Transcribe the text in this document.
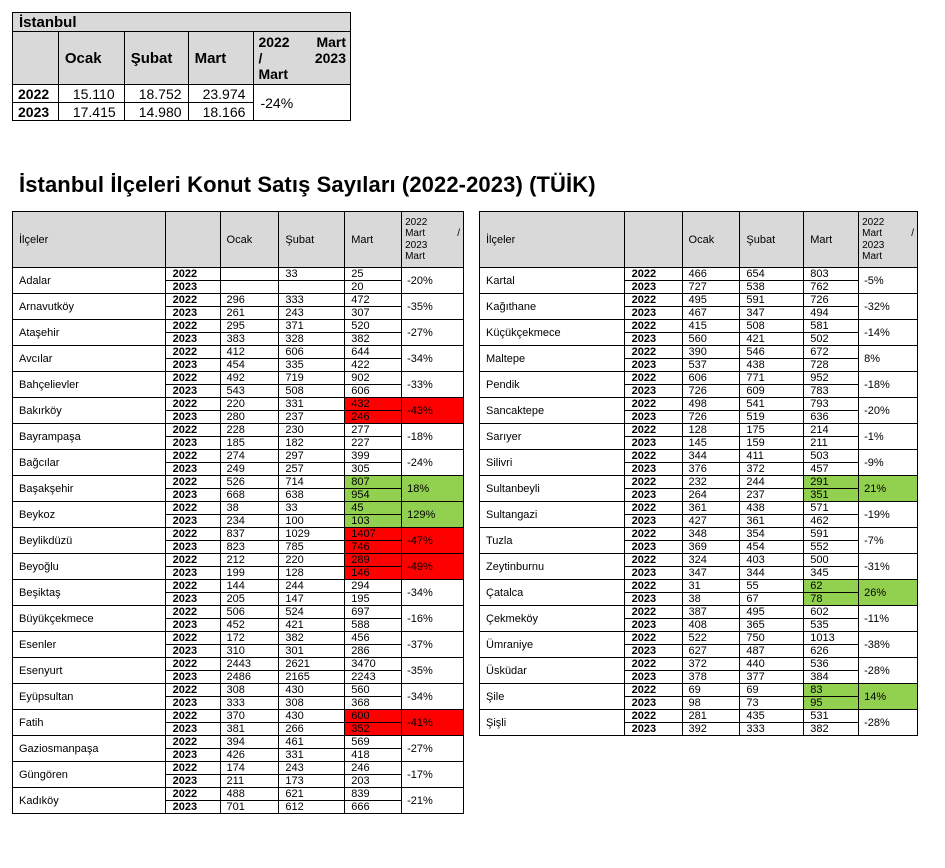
İstanbul				
	Ocak	Şubat	Mart	2022 Mart
/ 2023
Mart

2022	15.110	18.752	23.974	-24%
2023	17.415	14.980	18.166	
İstanbul İlçeleri Konut Satış Sayıları (2022-2023) (TÜİK)
İlçeler		Ocak	Şubat	Mart	2022
Mart /
2023
Mart

Adalar	2022		33	25	-20%
	2023			20	
Arnavutköy	2022	296	333	472	-35%
	2023	261	243	307	
Ataşehir	2022	295	371	520	-27%
	2023	383	328	382	
Avcılar	2022	412	606	644	-34%
	2023	454	335	422	
Bahçelievler	2022	492	719	902	-33%
	2023	543	508	606	
Bakırköy	2022	220	331	432	-43%
	2023	280	237	246	
Bayrampaşa	2022	228	230	277	-18%
	2023	185	182	227	
Bağcılar	2022	274	297	399	-24%
	2023	249	257	305	
Başakşehir	2022	526	714	807	18%
	2023	668	638	954	
Beykoz	2022	38	33	45	129%
	2023	234	100	103	
Beylikdüzü	2022	837	1029	1407	-47%
	2023	823	785	746	
Beyoğlu	2022	212	220	289	-49%
	2023	199	128	146	
Beşiktaş	2022	144	244	294	-34%
	2023	205	147	195	
Büyükçekmece	2022	506	524	697	-16%
	2023	452	421	588	
Esenler	2022	172	382	456	-37%
	2023	310	301	286	
Esenyurt	2022	2443	2621	3470	-35%
	2023	2486	2165	2243	
Eyüpsultan	2022	308	430	560	-34%
	2023	333	308	368	
Fatih	2022	370	430	600	-41%
	2023	381	266	352	
Gaziosmanpaşa	2022	394	461	569	-27%
	2023	426	331	418	
Güngören	2022	174	243	246	-17%
	2023	211	173	203	
Kadıköy	2022	488	621	839	-21%
	2023	701	612	666	
İlçeler		Ocak	Şubat	Mart	2022
Mart /
2023
Mart

Kartal	2022	466	654	803	-5%
	2023	727	538	762	
Kağıthane	2022	495	591	726	-32%
	2023	467	347	494	
Küçükçekmece	2022	415	508	581	-14%
	2023	560	421	502	
Maltepe	2022	390	546	672	8%
	2023	537	438	728	
Pendik	2022	606	771	952	-18%
	2023	726	609	783	
Sancaktepe	2022	498	541	793	-20%
	2023	726	519	636	
Sarıyer	2022	128	175	214	-1%
	2023	145	159	211	
Silivri	2022	344	411	503	-9%
	2023	376	372	457	
Sultanbeyli	2022	232	244	291	21%
	2023	264	237	351	
Sultangazi	2022	361	438	571	-19%
	2023	427	361	462	
Tuzla	2022	348	354	591	-7%
	2023	369	454	552	
Zeytinburnu	2022	324	403	500	-31%
	2023	347	344	345	
Çatalca	2022	31	55	62	26%
	2023	38	67	78	
Çekmeköy	2022	387	495	602	-11%
	2023	408	365	535	
Ümraniye	2022	522	750	1013	-38%
	2023	627	487	626	
Üsküdar	2022	372	440	536	-28%
	2023	378	377	384	
Şile	2022	69	69	83	14%
	2023	98	73	95	
Şişli	2022	281	435	531	-28%
	2023	392	333	382	
